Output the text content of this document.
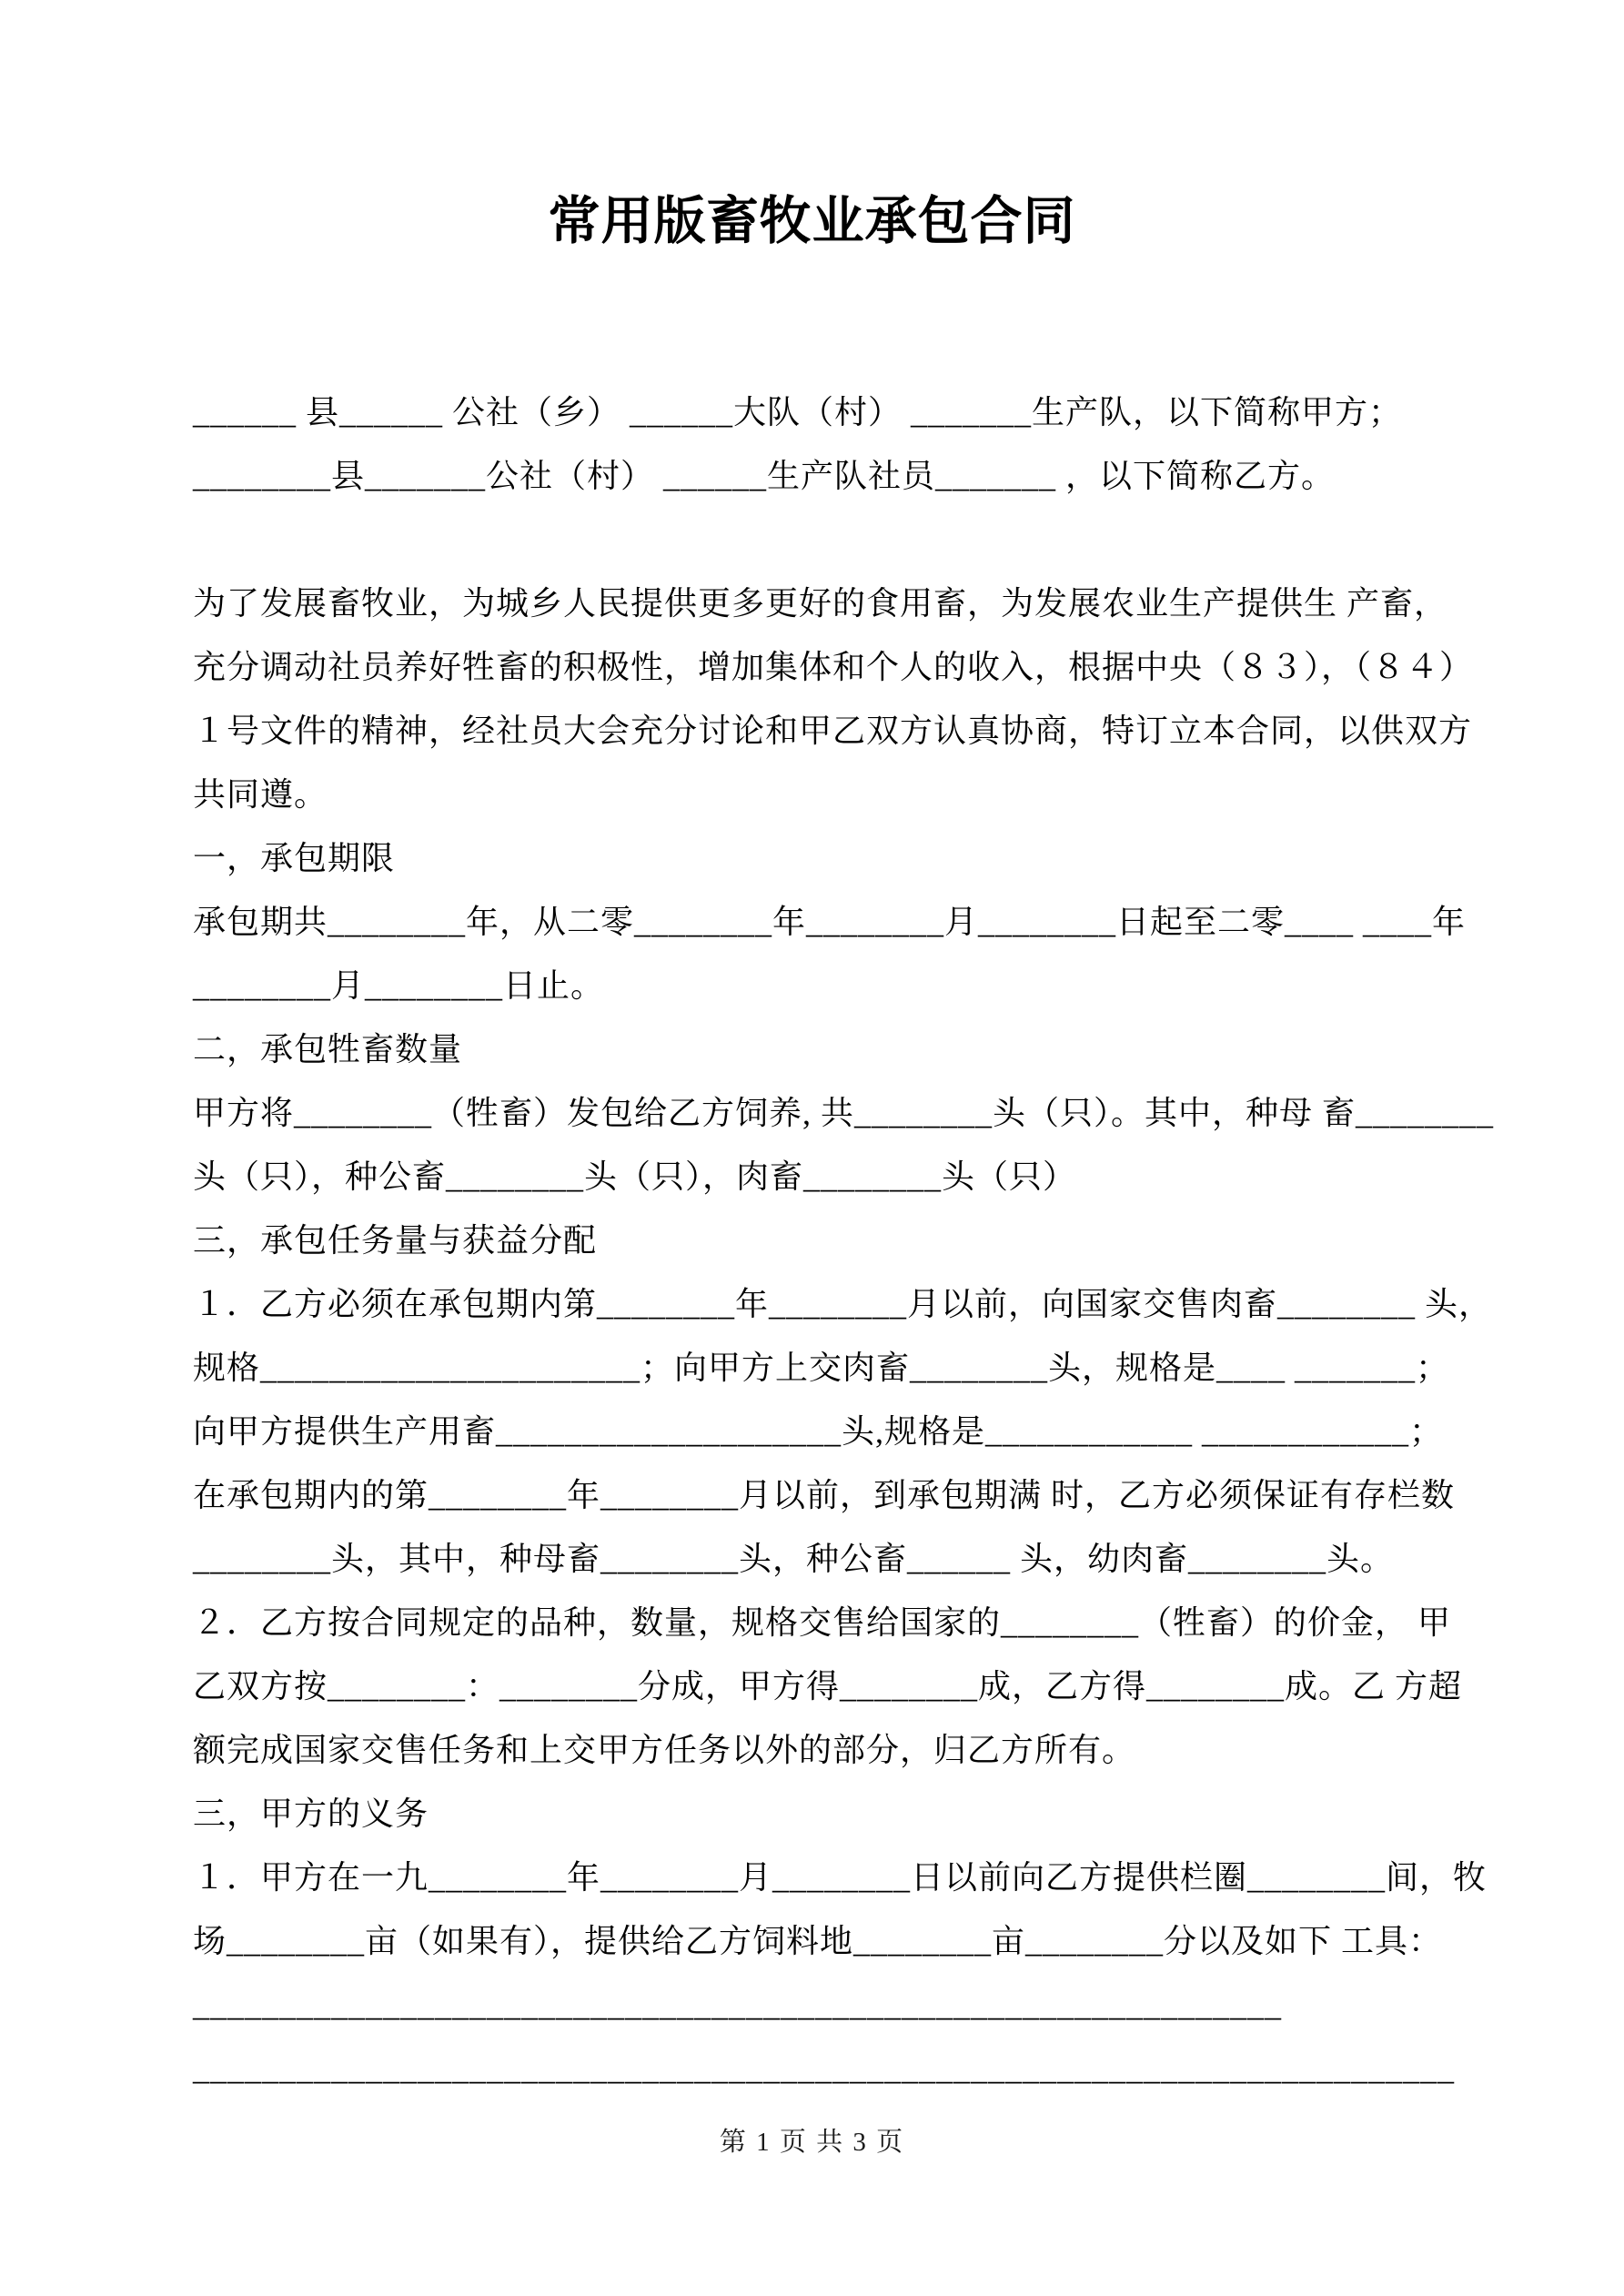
常用版畜牧业承包合同
______ 县______ 公社（乡） ______大队（村） _______生产队，以下简称甲方；
________县_______公社（村） ______生产队社员_______ ，以下简称乙方。
为了发展畜牧业，为城乡人民提供更多更好的食用畜，为发展农业生产提供生 产畜，
充分调动社员养好牲畜的积极性，增加集体和个人的收入，根据中央（８３），（８４）
１号文件的精神，经社员大会充分讨论和甲乙双方认真协商，特订立本合同，以供双方
共同遵。
一，承包期限
承包期共________年，从二零________年________月________日起至二零____ ____年
________月________日止。
二，承包牲畜数量
甲方将________（牲畜）发包给乙方饲养, 共________头（只）。其中，种母 畜________
头（只），种公畜________头（只），肉畜________头（只）
三，承包任务量与获益分配
１．乙方必须在承包期内第________年________月以前，向国家交售肉畜________ 头，
规格______________________；向甲方上交肉畜________头，规格是____ _______；
向甲方提供生产用畜____________________头,规格是____________ ____________；
在承包期内的第________年________月以前，到承包期满 时，乙方必须保证有存栏数
________头，其中，种母畜________头，种公畜______ 头，幼肉畜________头。
２．乙方按合同规定的品种，数量，规格交售给国家的________（牲畜）的价金， 甲
乙双方按________：________分成，甲方得________成，乙方得________成。乙 方超
额完成国家交售任务和上交甲方任务以外的部分，归乙方所有。
三，甲方的义务
１．甲方在一九________年________月________日以前向乙方提供栏圈________间，牧
场________亩（如果有），提供给乙方饲料地________亩________分以及如下 工具：
_______________________________________________________________
_________________________________________________________________________
第 1 页 共 3 页
